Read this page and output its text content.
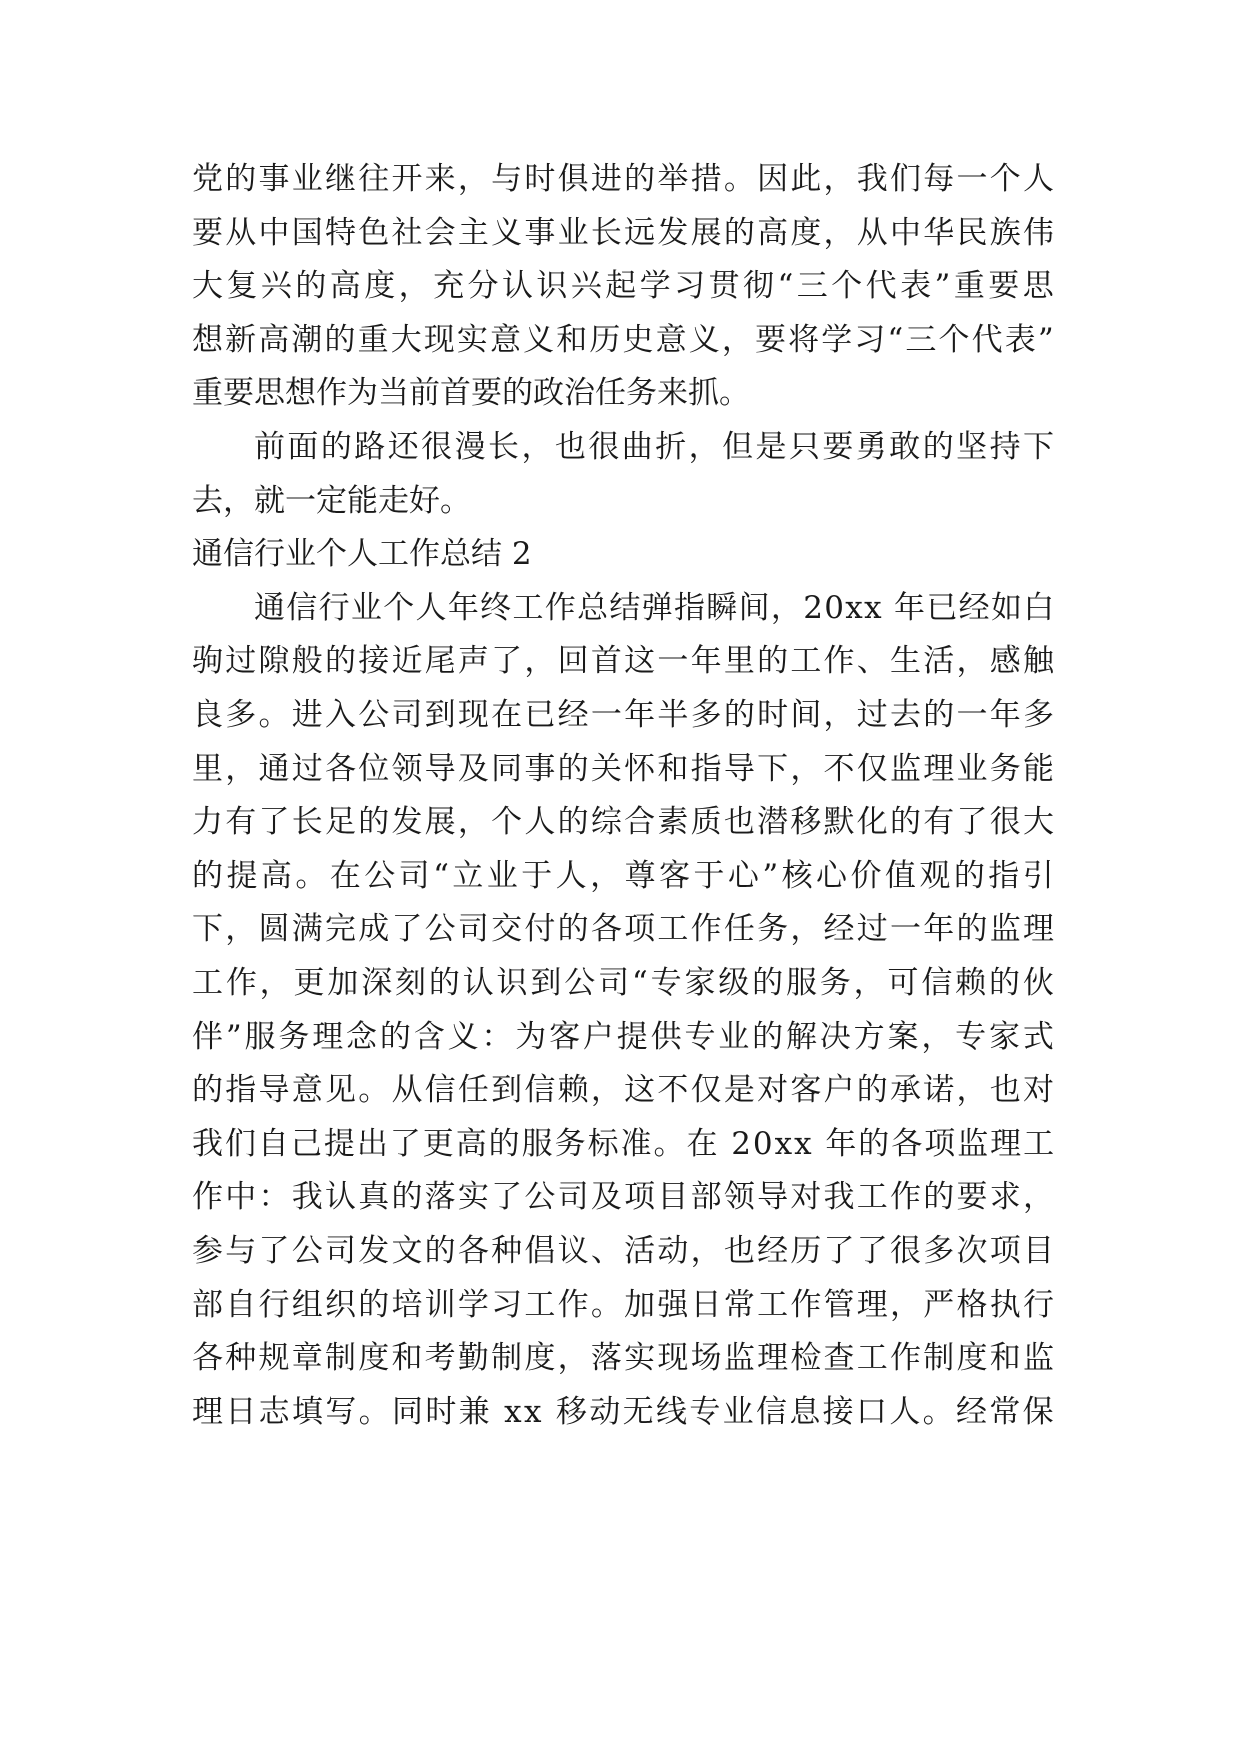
党的事业继往开来，与时俱进的举措。因此，我们每一个人
要从中国特色社会主义事业长远发展的高度，从中华民族伟
大复兴的高度，充分认识兴起学习贯彻“三个代表”重要思
想新高潮的重大现实意义和历史意义，要将学习“三个代表”
重要思想作为当前首要的政治任务来抓。
前面的路还很漫长，也很曲折，但是只要勇敢的坚持下
去，就一定能走好。
通信行业个人工作总结 2
通信行业个人年终工作总结弹指瞬间，20xx 年已经如白
驹过隙般的接近尾声了，回首这一年里的工作、生活，感触
良多。进入公司到现在已经一年半多的时间，过去的一年多
里，通过各位领导及同事的关怀和指导下，不仅监理业务能
力有了长足的发展，个人的综合素质也潜移默化的有了很大
的提高。在公司“立业于人，尊客于心”核心价值观的指引
下，圆满完成了公司交付的各项工作任务，经过一年的监理
工作，更加深刻的认识到公司“专家级的服务，可信赖的伙
伴”服务理念的含义：为客户提供专业的解决方案，专家式
的指导意见。从信任到信赖，这不仅是对客户的承诺，也对
我们自己提出了更高的服务标准。在 20xx 年的各项监理工
作中：我认真的落实了公司及项目部领导对我工作的要求，
参与了公司发文的各种倡议、活动，也经历了了很多次项目
部自行组织的培训学习工作。加强日常工作管理，严格执行
各种规章制度和考勤制度，落实现场监理检查工作制度和监
理日志填写。同时兼 xx 移动无线专业信息接口人。经常保
